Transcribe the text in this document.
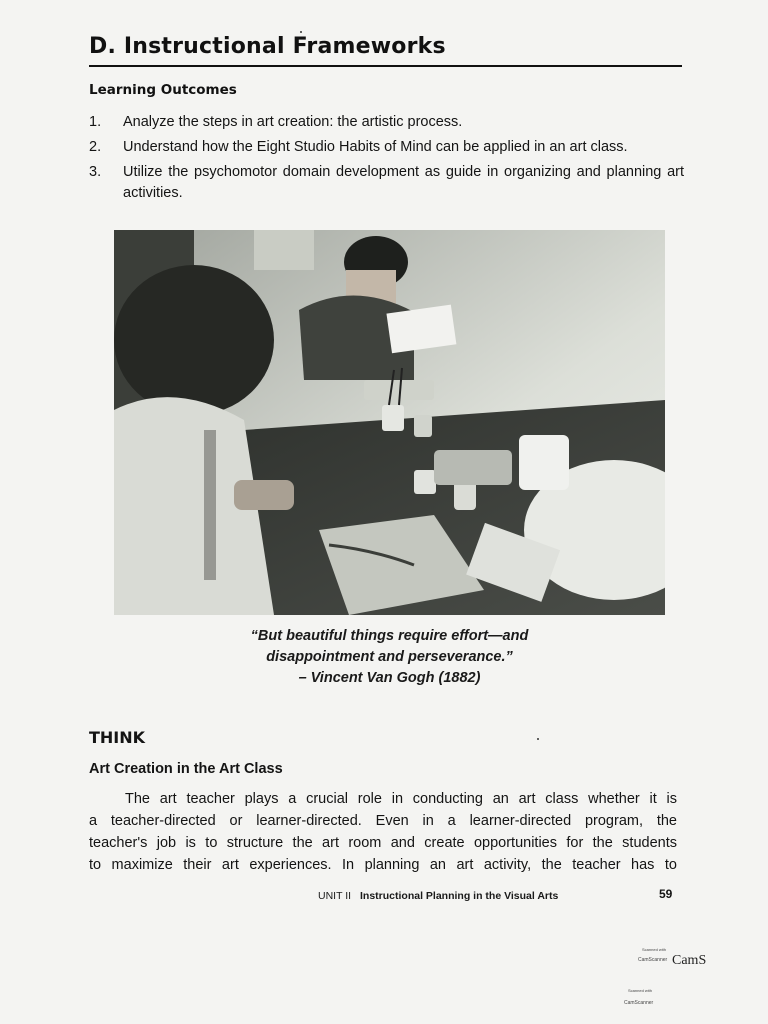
D. Instructional Frameworks
Learning Outcomes
1. Analyze the steps in art creation: the artistic process.
2. Understand how the Eight Studio Habits of Mind can be applied in an art class.
3. Utilize the psychomotor domain development as guide in organizing and planning art activities.
“But beautiful things require effort—and
disappointment and perseverance.”
– Vincent Van Gogh (1882)
THINK
Art Creation in the Art Class
The art teacher plays a crucial role in conducting an art class whether it is
a teacher-directed or learner-directed. Even in a learner-directed program, the
teacher's job is to structure the art room and create opportunities for the students
to maximize their art experiences. In planning an art activity, the teacher has to
UNIT II Instructional Planning in the Visual Arts	59
Scanned with
CamScanner CamS
Scanned with
CamScanner
